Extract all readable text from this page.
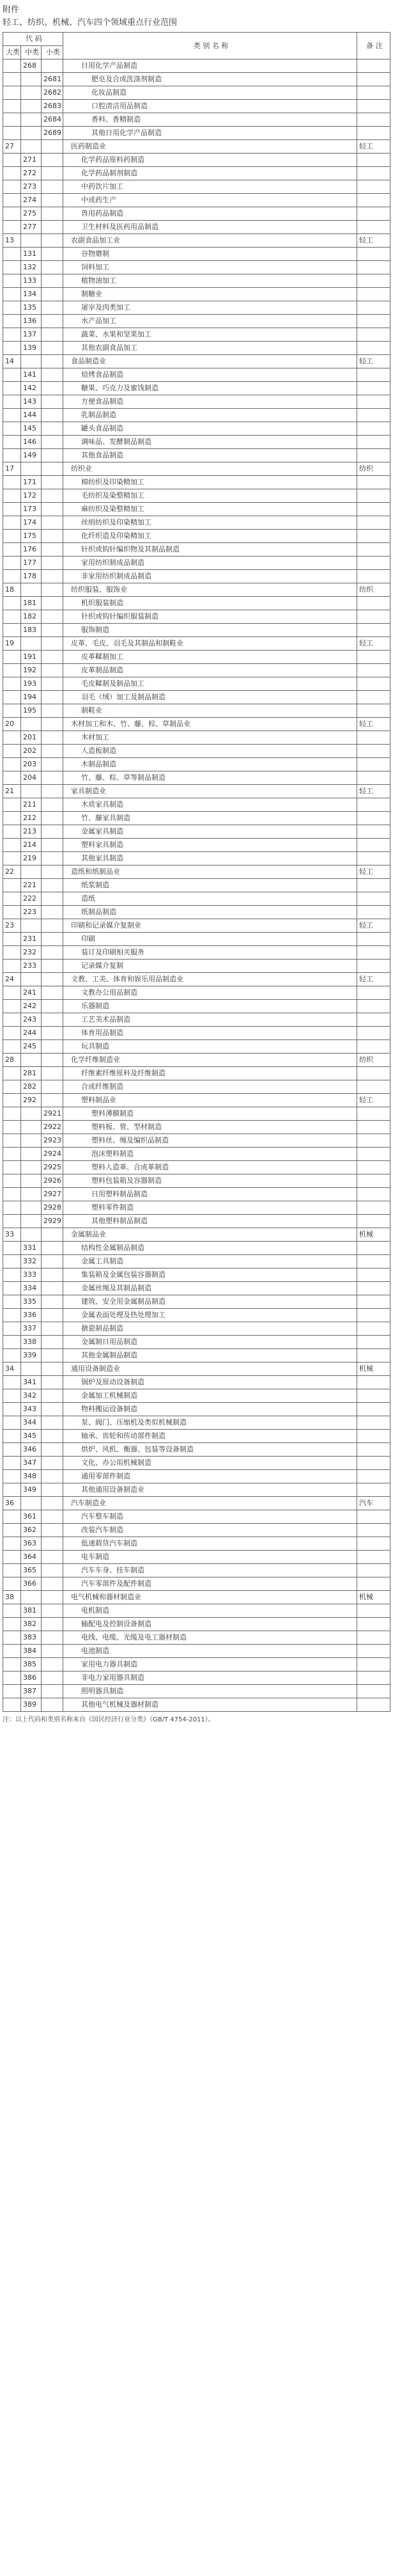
附件
轻工、纺织、机械、汽车四个领域重点行业范围
代 码			类 别 名 称	备 注
大类	中类	小类		
	268		日用化学产品制造	
		2681	肥皂及合成洗涤剂制造	
		2682	化妆品制造	
		2683	口腔清洁用品制造	
		2684	香料、香精制造	
		2689	其他日用化学产品制造	
27			医药制造业	轻工
	271		化学药品原料药制造	
	272		化学药品制剂制造	
	273		中药饮片加工	
	274		中成药生产	
	275		兽用药品制造	
	277		卫生材料及医药用品制造	
13			农副食品加工业	轻工
	131		谷物磨制	
	132		饲料加工	
	133		植物油加工	
	134		制糖业	
	135		屠宰及肉类加工	
	136		水产品加工	
	137		蔬菜、水果和坚果加工	
	139		其他农副食品加工	
14			食品制造业	轻工
	141		焙烤食品制造	
	142		糖果、巧克力及蜜饯制造	
	143		方便食品制造	
	144		乳制品制造	
	145		罐头食品制造	
	146		调味品、发酵制品制造	
	149		其他食品制造	
17			纺织业	纺织
	171		棉纺织及印染精加工	
	172		毛纺织及染整精加工	
	173		麻纺织及染整精加工	
	174		丝绢纺织及印染精加工	
	175		化纤织造及印染精加工	
	176		针织或钩针编织物及其制品制造	
	177		家用纺织制成品制造	
	178		非家用纺织制成品制造	
18			纺织服装、服饰业	纺织
	181		机织服装制造	
	182		针织或钩针编织服装制造	
	183		服饰制造	
19			皮革、毛皮、羽毛及其制品和制鞋业	轻工
	191		皮革鞣制加工	
	192		皮革制品制造	
	193		毛皮鞣制及制品加工	
	194		羽毛（绒）加工及制品制造	
	195		制鞋业	
20			木材加工和木、竹、藤、棕、草制品业	轻工
	201		木材加工	
	202		人造板制造	
	203		木制品制造	
	204		竹、藤、棕、草等制品制造	
21			家具制造业	轻工
	211		木质家具制造	
	212		竹、藤家具制造	
	213		金属家具制造	
	214		塑料家具制造	
	219		其他家具制造	
22			造纸和纸制品业	轻工
	221		纸浆制造	
	222		造纸	
	223		纸制品制造	
23			印刷和记录媒介复制业	轻工
	231		印刷	
	232		装订及印刷相关服务	
	233		记录媒介复制	
24			文教、工美、体育和娱乐用品制造业	轻工
	241		文教办公用品制造	
	242		乐器制造	
	243		工艺美术品制造	
	244		体育用品制造	
	245		玩具制造	
28			化学纤维制造业	纺织
	281		纤维素纤维原料及纤维制造	
	282		合成纤维制造	
	292		塑料制品业	轻工
		2921	塑料薄膜制造	
		2922	塑料板、管、型材制造	
		2923	塑料丝、绳及编织品制造	
		2924	泡沫塑料制造	
		2925	塑料人造革、合成革制造	
		2926	塑料包装箱及容器制造	
		2927	日用塑料制品制造	
		2928	塑料零件制造	
		2929	其他塑料制品制造	
33			金属制品业	机械
	331		结构性金属制品制造	
	332		金属工具制造	
	333		集装箱及金属包装容器制造	
	334		金属丝绳及其制品制造	
	335		建筑、安全用金属制品制造	
	336		金属表面处理及热处理加工	
	337		搪瓷制品制造	
	338		金属制日用品制造	
	339		其他金属制品制造	
34			通用设备制造业	机械
	341		锅炉及原动设备制造	
	342		金属加工机械制造	
	343		物料搬运设备制造	
	344		泵、阀门、压缩机及类似机械制造	
	345		轴承、齿轮和传动部件制造	
	346		烘炉、风机、衡器、包装等设备制造	
	347		文化、办公用机械制造	
	348		通用零部件制造	
	349		其他通用设备制造业	
36			汽车制造业	汽车
	361		汽车整车制造	
	362		改装汽车制造	
	363		低速载货汽车制造	
	364		电车制造	
	365		汽车车身、挂车制造	
	366		汽车零部件及配件制造	
38			电气机械和器材制造业	机械
	381		电机制造	
	382		输配电及控制设备制造	
	383		电线、电缆、光缆及电工器材制造	
	384		电池制造	
	385		家用电力器具制造	
	386		非电力家用器具制造	
	387		照明器具制造	
	389		其他电气机械及器材制造	
注：以上代码和类别名称来自《国民经济行业分类》（GB/T 4754-2011）。
